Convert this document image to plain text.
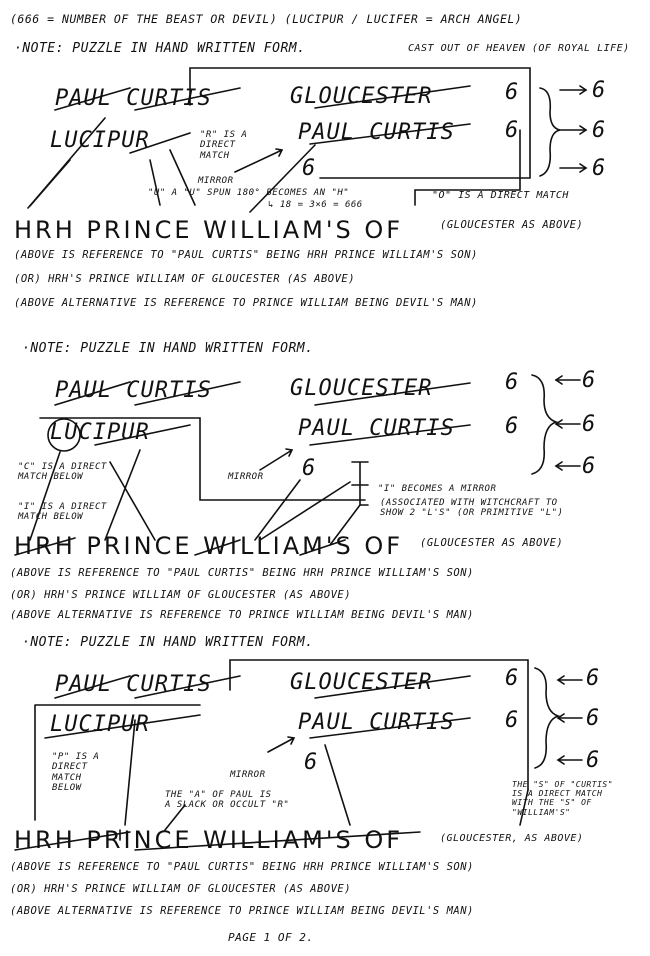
(666 = NUMBER OF THE BEAST OR DEVIL) (LUCIPUR / LUCIFER = ARCH ANGEL)
·NOTE: PUZZLE IN HAND WRITTEN FORM.	CAST OUT OF HEAVEN (OF ROYAL LIFE)
PAUL CURTIS	GLOUCESTER	6	6
LUCIPUR	"R" IS A
DIRECT
MATCH
PAUL CURTIS 6	6
MIRROR	6	6
"U" A "U" SPUN 180° BECOMES AN "H"
↳ 18 = 3×6 = 666
"O" IS A DIRECT MATCH
HRH PRINCE WILLIAM'S OF	(GLOUCESTER AS ABOVE)
(ABOVE IS REFERENCE TO "PAUL CURTIS" BEING HRH PRINCE WILLIAM'S SON)
(OR) HRH'S PRINCE WILLIAM OF GLOUCESTER (AS ABOVE)
(ABOVE ALTERNATIVE IS REFERENCE TO PRINCE WILLIAM BEING DEVIL'S MAN)
·NOTE: PUZZLE IN HAND WRITTEN FORM.
PAUL CURTIS	GLOUCESTER	6	6
LUCIPUR	PAUL CURTIS 6	6
"C" IS A DIRECT
MATCH BELOW
"I" IS A DIRECT
MATCH BELOW
MIRROR 6	6
"I" BECOMES A MIRROR
(ASSOCIATED WITH WITCHCRAFT TO
SHOW 2 "L'S" (OR PRIMITIVE "L")
HRH PRINCE WILLIAM'S OF (GLOUCESTER AS ABOVE)
(ABOVE IS REFERENCE TO "PAUL CURTIS" BEING HRH PRINCE WILLIAM'S SON)
(OR) HRH'S PRINCE WILLIAM OF GLOUCESTER (AS ABOVE)
(ABOVE ALTERNATIVE IS REFERENCE TO PRINCE WILLIAM BEING DEVIL'S MAN)
·NOTE: PUZZLE IN HAND WRITTEN FORM.
PAUL CURTIS	GLOUCESTER	6	6
LUCIPUR	PAUL CURTIS 6	6
"P" IS A
DIRECT
MATCH
BELOW
MIRROR 6	6
THE "A" OF PAUL IS
A SLACK OR OCCULT "R"
THE "S" OF "CURTIS"
IS A DIRECT MATCH
WITH THE "S" OF
"WILLIAM'S"
HRH PRINCE WILLIAM'S OF	(GLOUCESTER, AS ABOVE)
(ABOVE IS REFERENCE TO "PAUL CURTIS" BEING HRH PRINCE WILLIAM'S SON)
(OR) HRH'S PRINCE WILLIAM OF GLOUCESTER (AS ABOVE)
(ABOVE ALTERNATIVE IS REFERENCE TO PRINCE WILLIAM BEING DEVIL'S MAN)
PAGE 1 OF 2.
